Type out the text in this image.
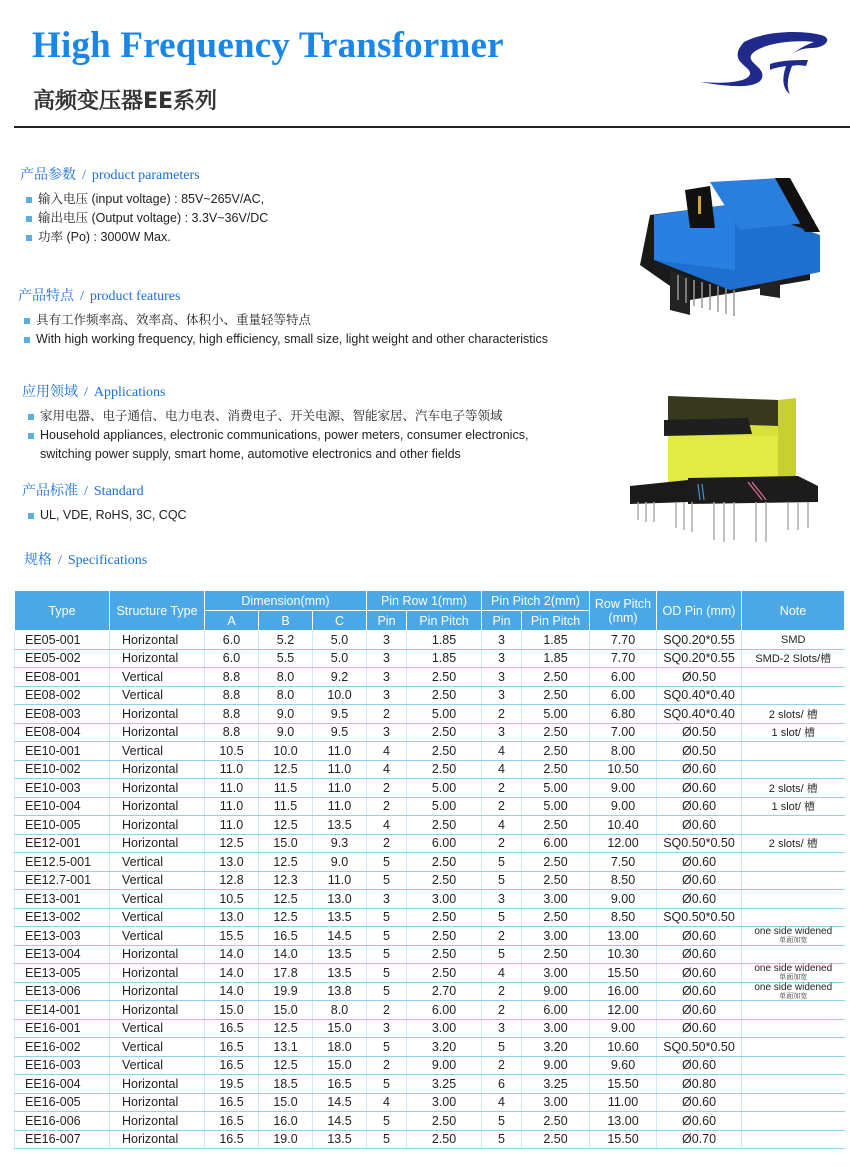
High Frequency Transformer
高频变压器EE系列
产品参数 / product parameters
输入电压 (input voltage) : 85V~265V/AC,
输出电压 (Output voltage) : 3.3V~36V/DC
功率 (Po) : 3000W Max.
产品特点 / product features
具有工作频率高、效率高、体积小、重量轻等特点
With high working frequency, high efficiency, small size, light weight and other characteristics
应用领域 / Applications
家用电器、电子通信、电力电表、消费电子、开关电源、智能家居、汽车电子等领域
Household appliances, electronic communications, power meters, consumer electronics,
switching power supply, smart home, automotive electronics and other fields
产品标准 / Standard
UL, VDE, RoHS, 3C, CQC
规格 / Specifications
Type	Structure Type	Dimension(mm)			Pin Row 1(mm)		Pin Pitch 2(mm)		Row Pitch (mm)	OD Pin (mm)	Note
		A	B	C	Pin	Pin Pitch	Pin	Pin Pitch			
EE05-001	Horizontal	6.0	5.2	5.0	3	1.85	3	1.85	7.70	SQ0.20*0.55	SMD
EE05-002	Horizontal	6.0	5.5	5.0	3	1.85	3	1.85	7.70	SQ0.20*0.55	SMD-2 Slots/槽
EE08-001	Vertical	8.8	8.0	9.2	3	2.50	3	2.50	6.00	Ø0.50	
EE08-002	Vertical	8.8	8.0	10.0	3	2.50	3	2.50	6.00	SQ0.40*0.40	
EE08-003	Horizontal	8.8	9.0	9.5	2	5.00	2	5.00	6.80	SQ0.40*0.40	2 slots/ 槽
EE08-004	Horizontal	8.8	9.0	9.5	3	2.50	3	2.50	7.00	Ø0.50	1 slot/ 槽
EE10-001	Vertical	10.5	10.0	11.0	4	2.50	4	2.50	8.00	Ø0.50	
EE10-002	Horizontal	11.0	12.5	11.0	4	2.50	4	2.50	10.50	Ø0.60	
EE10-003	Horizontal	11.0	11.5	11.0	2	5.00	2	5.00	9.00	Ø0.60	2 slots/ 槽
EE10-004	Horizontal	11.0	11.5	11.0	2	5.00	2	5.00	9.00	Ø0.60	1 slot/ 槽
EE10-005	Horizontal	11.0	12.5	13.5	4	2.50	4	2.50	10.40	Ø0.60	
EE12-001	Horizontal	12.5	15.0	9.3	2	6.00	2	6.00	12.00	SQ0.50*0.50	2 slots/ 槽
EE12.5-001	Vertical	13.0	12.5	9.0	5	2.50	5	2.50	7.50	Ø0.60	
EE12.7-001	Vertical	12.8	12.3	11.0	5	2.50	5	2.50	8.50	Ø0.60	
EE13-001	Vertical	10.5	12.5	13.0	3	3.00	3	3.00	9.00	Ø0.60	
EE13-002	Vertical	13.0	12.5	13.5	5	2.50	5	2.50	8.50	SQ0.50*0.50	
EE13-003	Vertical	15.5	16.5	14.5	5	2.50	2	3.00	13.00	Ø0.60	one side widened
单面加宽

EE13-004	Horizontal	14.0	14.0	13.5	5	2.50	5	2.50	10.30	Ø0.60	
EE13-005	Horizontal	14.0	17.8	13.5	5	2.50	4	3.00	15.50	Ø0.60	one side widened
单面加宽

EE13-006	Horizontal	14.0	19.9	13.8	5	2.70	2	9.00	16.00	Ø0.60	one side widened
单面加宽

EE14-001	Horizontal	15.0	15.0	8.0	2	6.00	2	6.00	12.00	Ø0.60	
EE16-001	Vertical	16.5	12.5	15.0	3	3.00	3	3.00	9.00	Ø0.60	
EE16-002	Vertical	16.5	13.1	18.0	5	3.20	5	3.20	10.60	SQ0.50*0.50	
EE16-003	Vertical	16.5	12.5	15.0	2	9.00	2	9.00	9.60	Ø0.60	
EE16-004	Horizontal	19.5	18.5	16.5	5	3.25	6	3.25	15.50	Ø0.80	
EE16-005	Horizontal	16.5	15.0	14.5	4	3.00	4	3.00	11.00	Ø0.60	
EE16-006	Horizontal	16.5	16.0	14.5	5	2.50	5	2.50	13.00	Ø0.60	
EE16-007	Horizontal	16.5	19.0	13.5	5	2.50	5	2.50	15.50	Ø0.70	
